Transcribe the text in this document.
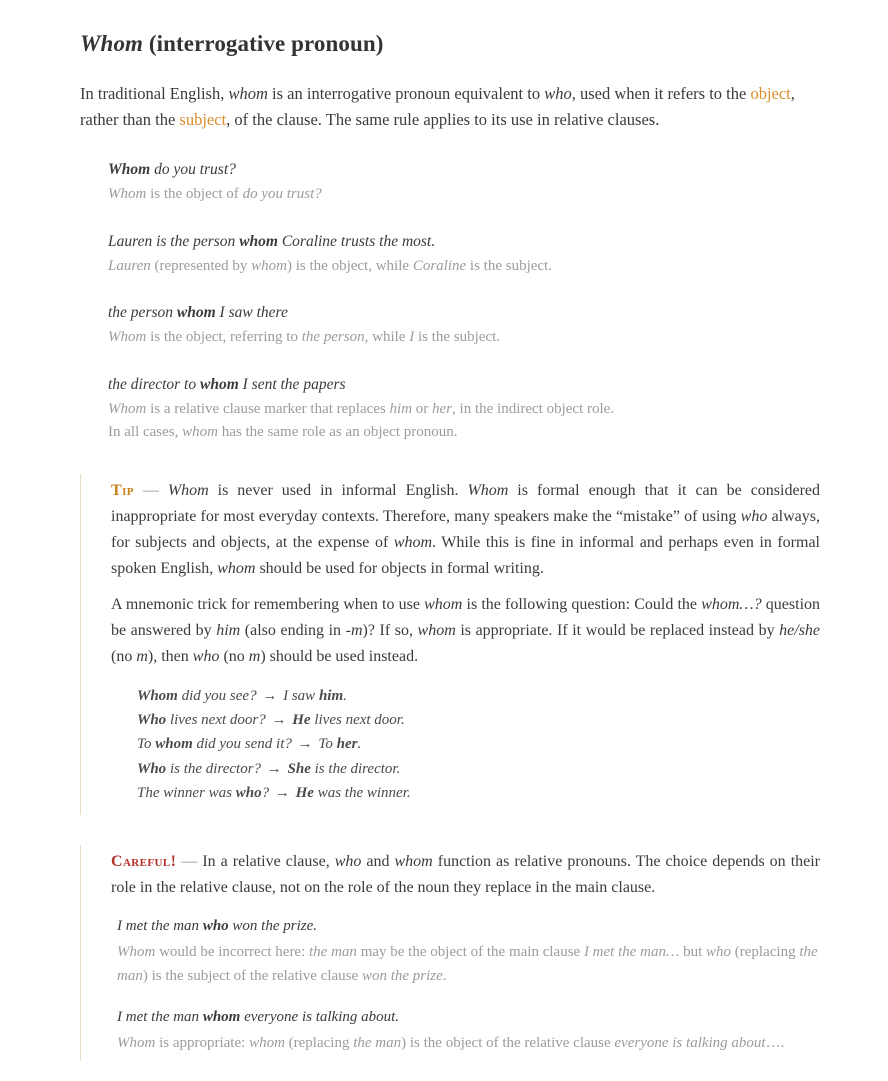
Whom (interrogative pronoun)

In traditional English, whom is an interrogative pronoun equivalent to who, used when it refers to the object, rather than the subject, of the clause. The same rule applies to its use in relative clauses.

Whom do you trust?
Whom is the object of do you trust?
Lauren is the person whom Coraline trusts the most.
Lauren (represented by whom) is the object, while Coraline is the subject.
the person whom I saw there
Whom is the object, referring to the person, while I is the subject.
the director to whom I sent the papers
Whom is a relative clause marker that replaces him or her, in the indirect object role.
In all cases, whom has the same role as an object pronoun.

Tip — Whom is never used in informal English. Whom is formal enough that it can be considered inappropriate for most everyday contexts. Therefore, many speakers make the “mistake” of using who always, for subjects and objects, at the expense of whom. While this is fine in informal and perhaps even in formal spoken English, whom should be used for objects in formal writing.

A mnemonic trick for remembering when to use whom is the following question: Could the whom…? question be answered by him (also ending in -m)? If so, whom is appropriate. If it would be replaced instead by he/she (no m), then who (no m) should be used instead.

Whom did you see? → I saw him.
Who lives next door? → He lives next door.
To whom did you send it? → To her.
Who is the director? → She is the director.
The winner was who? → He was the winner.

Careful! — In a relative clause, who and whom function as relative pronouns. The choice depends on their role in the relative clause, not on the role of the noun they replace in the main clause.

I met the man who won the prize.
Whom would be incorrect here: the man may be the object of the main clause I met the man… but who (replacing the man) is the subject of the relative clause won the prize.
I met the man whom everyone is talking about.
Whom is appropriate: whom (replacing the man) is the object of the relative clause everyone is talking about….
